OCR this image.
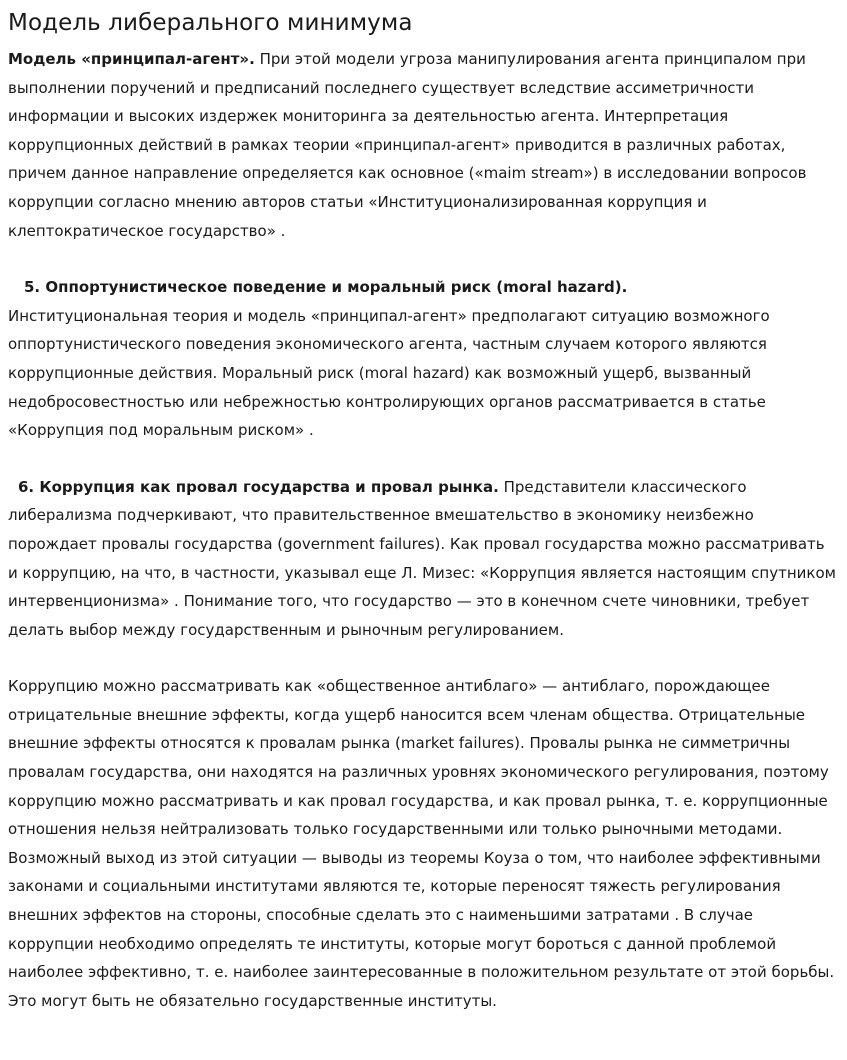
Модель либерального минимума

Модель «принципал-агент». При этой модели угроза манипулирования агента принципалом при выполнении поручений и предписаний последнего существует вследствие ассиметричности информации и высоких издержек мониторинга за деятельностью агента. Интерпретация коррупционных действий в рамках теории «принципал-агент» приводится в различных работах, причем данное направление определяется как основное («maim stream») в исследовании вопросов коррупции согласно мнению авторов статьи «Институционализированная коррупция и клептократическое государство» .

5. Оппортунистическое поведение и моральный риск (moral hazard).

Институциональная теория и модель «принципал-агент» предполагают ситуацию возможного оппортунистического поведения экономического агента, частным случаем которого являются коррупционные действия. Моральный риск (moral hazard) как возможный ущерб, вызванный недобросовестностью или небрежностью контролирующих органов рассматривается в статье «Коррупция под моральным риском» .

6. Коррупция как провал государства и провал рынка. Представители классического либерализма подчеркивают, что правительственное вмешательство в экономику неизбежно порождает провалы государства (government failures). Как провал государства можно рассматривать и коррупцию, на что, в частности, указывал еще Л. Мизес: «Коррупция является настоящим спутником интервенционизма» . Понимание того, что государство — это в конечном счете чиновники, требует делать выбор между государственным и рыночным регулированием.

Коррупцию можно рассматривать как «общественное антиблаго» — антиблаго, порождающее отрицательные внешние эффекты, когда ущерб наносится всем членам общества. Отрицательные внешние эффекты относятся к провалам рынка (market failures). Провалы рынка не симметричны провалам государства, они находятся на различных уровнях экономического регулирования, поэтому коррупцию можно рассматривать и как провал государства, и как провал рынка, т. е. коррупционные отношения нельзя нейтрализовать только государственными или только рыночными методами. Возможный выход из этой ситуации — выводы из теоремы Коуза о том, что наиболее эффективными законами и социальными институтами являются те, которые переносят тяжесть регулирования внешних эффектов на стороны, способные сделать это с наименьшими затратами . В случае коррупции необходимо определять те институты, которые могут бороться с данной проблемой наиболее эффективно, т. е. наиболее заинтересованные в положительном результате от этой борьбы. Это могут быть не обязательно государственные институты.
